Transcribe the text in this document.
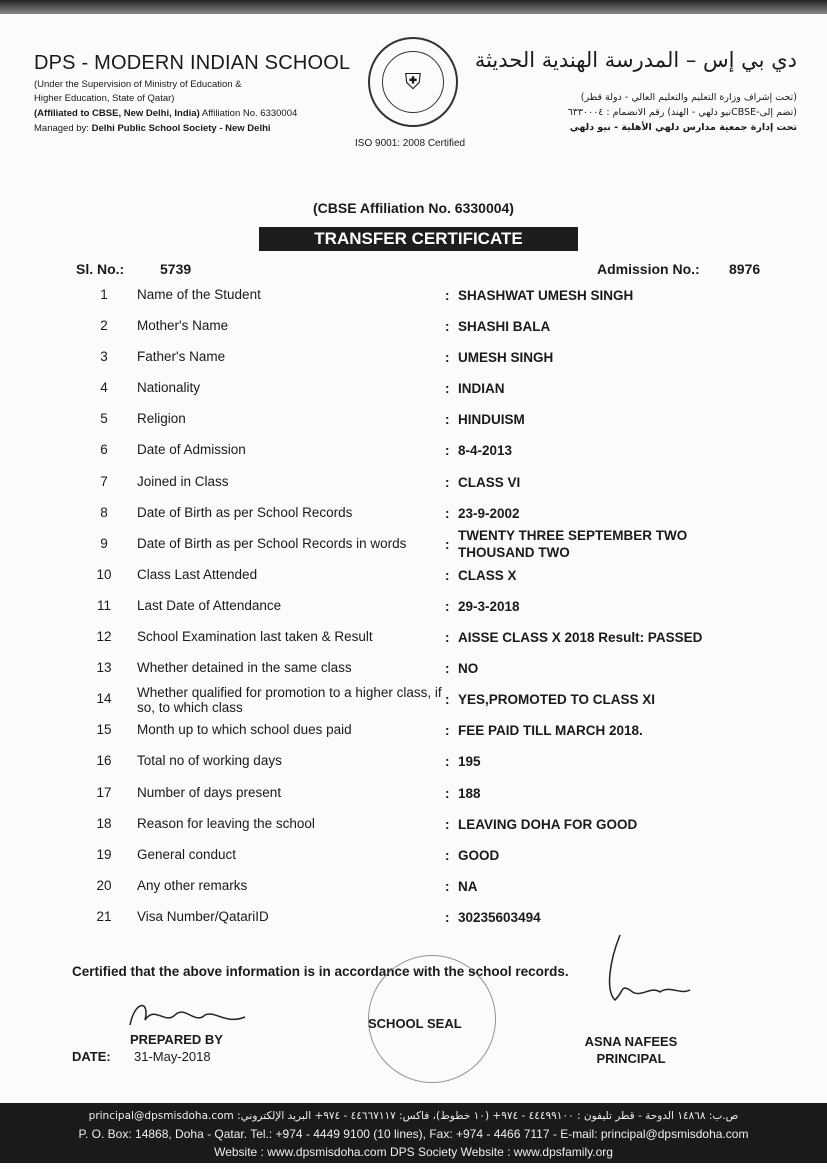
DPS - MODERN INDIAN SCHOOL
(Under the Supervision of Ministry of Education &
Higher Education, State of Qatar)
(Affiliated to CBSE, New Delhi, India) Affiliation No. 6330004
Managed by: Delhi Public School Society - New Delhi
⛨
ISO 9001: 2008 Certified
دي بي إس – المدرسة الهندية الحديثة
(تحت إشراف وزارة التعليم والتعليم العالي - دولة قطر)
(تضم إلى-CBSEنيو دلهي - الهند) رقم الانضمام : ٦٣٣٠٠٠٤
تحت إدارة جمعية مدارس دلهي الأهلية - نيو دلهي
(CBSE Affiliation No. 6330004)
TRANSFER CERTIFICATE
Sl. No.:	5739	Admission No.: 8976
1	Name of the Student	: SHASHWAT UMESH SINGH
2	Mother's Name	: SHASHI BALA
3	Father's Name	: UMESH SINGH
4	Nationality	: INDIAN
5	Religion	: HINDUISM
6	Date of Admission	: 8-4-2013
7	Joined in Class	: CLASS VI
8	Date of Birth as per School Records	: 23-9-2002
9	Date of Birth as per School Records in words	:
TWENTY THREE SEPTEMBER TWO THOUSAND TWO
10	Class Last Attended	: CLASS X
11	Last Date of Attendance	: 29-3-2018
12	School Examination last taken & Result	: AISSE CLASS X 2018 Result: PASSED
13	Whether detained in the same class	: NO
14	Whether qualified for promotion to a higher class, if so, to which class
: YES,PROMOTED TO CLASS XI
15	Month up to which school dues paid	: FEE PAID TILL MARCH 2018.
16	Total no of working days	: 195
17	Number of days present	: 188
18	Reason for leaving the school	: LEAVING DOHA FOR GOOD
19	General conduct	: GOOD
20	Any other remarks	: NA
21	Visa Number/QatariID	: 30235603494
Certified that the above information is in accordance with the school records.
SCHOOL SEAL
PREPARED BY
DATE: 31-May-2018
ASNA NAFEES
PRINCIPAL
ص.ب: ١٤٨٦٨ الدوحة - قطر تليفون : ٤٤٤٩٩١٠٠ - ٩٧٤+ (١٠ خطوط)، فاكس: ٤٤٦٦٧١١٧ - ٩٧٤+ البريد الإلكتروني: principal@dpsmisdoha.com
P. O. Box: 14868, Doha - Qatar. Tel.: +974 - 4449 9100 (10 lines), Fax: +974 - 4466 7117 - E-mail: principal@dpsmisdoha.com
Website : www.dpsmisdoha.com DPS Society Website : www.dpsfamily.org
